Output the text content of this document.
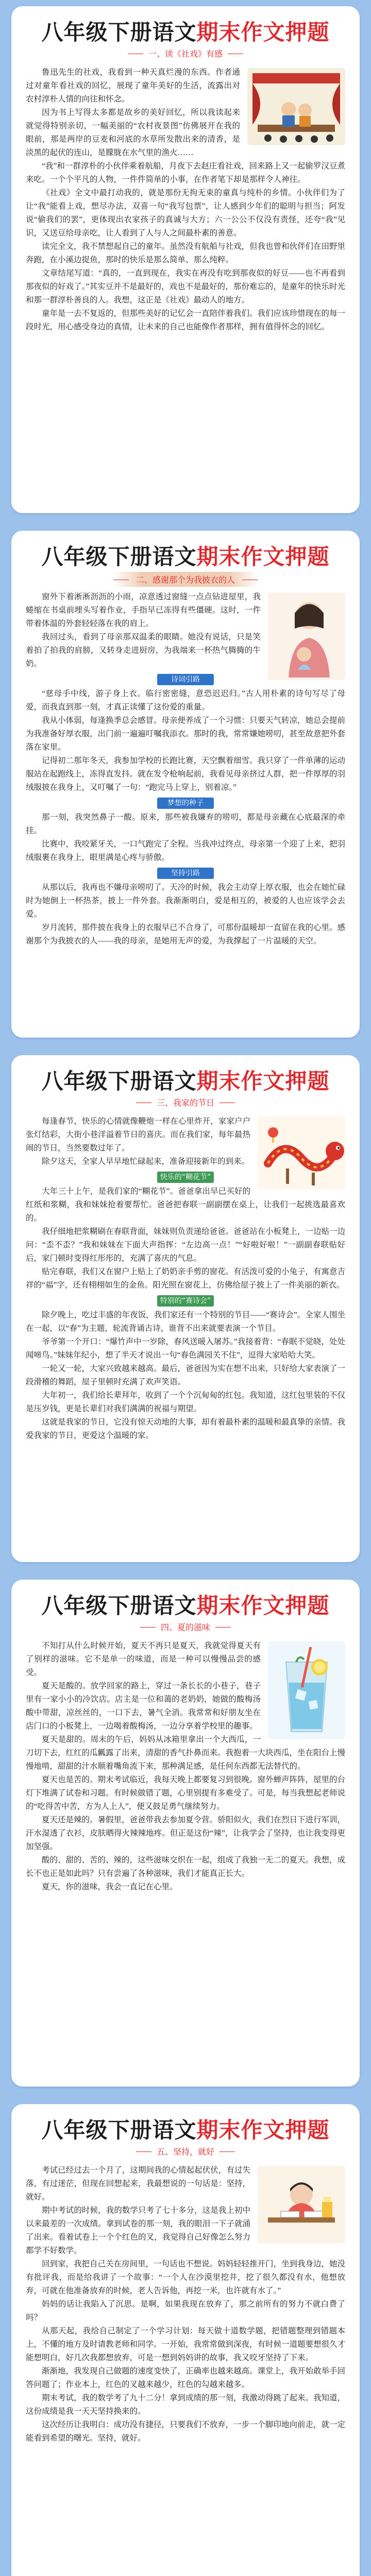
八年级下册语文期末作文押题
一、读《社戏》有感

鲁迅先生的社戏，我看到一种天真烂漫的东西。作者通过对童年看社戏的回忆，展现了童年美好的生活，流露出对农村淳朴人情的向往和怀念。

因为书上写得太多都是故乡的美好回忆，所以我读起来就觉得特别亲切，一幅美丽的“农村夜景图”仿佛展开在我的眼前，那是两岸的豆麦和河底的水草所发散出来的清香，是淡黑的起伏的连山，是朦胧在水气里的渔火……

“我”和一群淳朴的小伙伴乘着航船，月夜下去赵庄看社戏，回来路上又一起偷罗汉豆煮来吃。一个个平凡的人物，一件件简单的小事，在作者笔下却是那样令人神往。

《社戏》全文中最打动我的，就是那份无拘无束的童真与纯朴的乡情。小伙伴们为了让“我”能看上戏，想尽办法，双喜一句“我写包票”，让人感到少年们的聪明与担当；阿发说“偷我们的罢”，更体现出农家孩子的真诚与大方；六一公公不仅没有责怪，还夸“我”见识，又送豆给母亲吃，让人看到了人与人之间最朴素的善意。

读完全文，我不禁想起自己的童年。虽然没有航船与社戏，但我也曾和伙伴们在田野里奔跑，在小溪边捉鱼，那时的快乐是那么简单、那么纯粹。

文章结尾写道：“真的，一直到现在，我实在再没有吃到那夜似的好豆——也不再看到那夜似的好戏了。”其实豆并不是最好的，戏也不是最好的，那份难忘的，是童年的快乐时光和那一群淳朴善良的人。我想，这正是《社戏》最动人的地方。

童年是一去不复返的，但那些美好的记忆会一直陪伴着我们。我们应该珍惜现在的每一段时光，用心感受身边的真情，让未来的自己也能像作者那样，拥有值得怀念的回忆。

八年级下册语文期末作文押题
二、感谢那个为我披衣的人

窗外下着淅淅沥沥的小雨，凉意透过窗缝一点点钻进屋里，我蜷缩在书桌前埋头写着作业，手指早已冻得有些僵硬。这时，一件带着体温的外套轻轻落在我的肩上。

我回过头，看到了母亲那双温柔的眼睛。她没有说话，只是笑着拍了拍我的肩膀，又转身走进厨房，为我端来一杯热气腾腾的牛奶。

诗词引路

“慈母手中线，游子身上衣。临行密密缝，意恐迟迟归。”古人用朴素的诗句写尽了母爱，而我直到那一刻，才真正读懂了这份爱的重量。

我从小体弱，每逢换季总会感冒。母亲便养成了一个习惯：只要天气转凉，她总会提前为我准备好厚衣服，出门前一遍遍叮嘱我添衣。那时的我，常常嫌她唠叨，甚至故意把外套落在家里。

记得初二那年冬天，我参加学校的长跑比赛，天空飘着细雪。我只穿了一件单薄的运动服站在起跑线上，冻得直发抖。就在发令枪响起前，我看见母亲挤过人群，把一件厚厚的羽绒服披在我身上，又叮嘱了一句：“跑完马上穿上，别着凉。”

梦想的种子

那一刻，我突然鼻子一酸。原来，那些被我嫌弃的唠叨，都是母亲藏在心底最深的牵挂。

比赛中，我咬紧牙关，一口气跑完了全程。当我冲过终点，母亲第一个迎了上来，把羽绒服裹在我身上，眼里满是心疼与骄傲。

坚持引路

从那以后，我再也不嫌母亲唠叨了。天冷的时候，我会主动穿上厚衣服，也会在她忙碌时为她倒上一杯热茶，披上一件外套。我渐渐明白，爱是相互的，被爱的人也应该学会去爱。

岁月流转，那件披在我身上的衣服早已不合身了，可那份温暖却一直留在我的心里。感谢那个为我披衣的人——我的母亲，是她用无声的爱，为我撑起了一片温暖的天空。

八年级下册语文期末作文押题
三、我家的节日

每逢春节，快乐的心情就像鞭炮一样在心里炸开，家家户户张灯结彩，大街小巷洋溢着节日的喜庆。而在我们家，每年最热闹的节日，当然要数过年了。

除夕这天，全家人早早地忙碌起来，准备迎接新年的到来。

快乐的“糊花节”

大年三十上午，是我们家的“糊花节”。爸爸拿出早已买好的红纸和浆糊，我和妹妹抢着要帮忙。爸爸把春联一副副摆在桌上，让我们一起挑选最喜欢的。

我仔细地把浆糊刷在春联背面，妹妹则负责递给爸爸。爸爸站在小板凳上，一边贴一边问：“歪不歪？”我和妹妹在下面大声指挥：“左边高一点！”“好啦好啦！”一副副春联贴好后，家门顿时变得红彤彤的，充满了喜庆的气息。

贴完春联，我们又在窗户上贴上了奶奶亲手剪的窗花。有活泼可爱的小兔子，有寓意吉祥的“福”字，还有栩栩如生的金鱼。阳光照在窗花上，仿佛给屋子披上了一件美丽的新衣。

特别的“赛诗会”

除夕晚上，吃过丰盛的年夜饭，我们家还有一个特别的节目——“赛诗会”。全家人围坐在一起，以“春”为主题，轮流背诵古诗，谁背不出来就要表演一个节目。

爷爷第一个开口：“爆竹声中一岁除，春风送暖入屠苏。”我接着背：“春眠不觉晓，处处闻啼鸟。”妹妹年纪小，想了半天才说出一句“春色满园关不住”，逗得大家哈哈大笑。

一轮又一轮，大家兴致越来越高。最后，爸爸因为实在想不出来，只好给大家表演了一段滑稽的舞蹈，屋子里顿时充满了欢声笑语。

大年初一，我们给长辈拜年，收到了一个个沉甸甸的红包。我知道，这红包里装的不仅是压岁钱，更是长辈们对我们满满的祝福与期望。

这就是我家的节日，它没有惊天动地的大事，却有着最朴素的温暖和最真挚的亲情。我爱我家的节日，更爱这个温暖的家。

八年级下册语文期末作文押题
四、夏的滋味

不知打从什么时候开始，夏天不再只是夏天，我就觉得夏天有了别样的滋味。它不是单一的味道，而是一种可以慢慢品尝的感受。

夏天是酸的。放学回家的路上，穿过一条长长的小巷子，巷子里有一家小小的冷饮店。店主是一位和蔼的老奶奶，她做的酸梅汤酸中带甜，凉丝丝的，一口下去，暑气全消。我常常和好朋友坐在店门口的小板凳上，一边喝着酸梅汤，一边分享着学校里的趣事。

夏天是甜的。周末的午后，妈妈从冰箱里拿出一个大西瓜，一刀切下去，红红的瓜瓤露了出来，清甜的香气扑鼻而来。我抱着一大块西瓜，坐在阳台上慢慢地啃，甜甜的汁水顺着嘴角流下来，那种满足感，是任何东西都无法替代的。

夏天也是苦的。期末考试临近，我每天晚上都要复习到很晚。窗外蝉声阵阵，屋里的台灯下堆满了试卷和习题。有时候做错了题，心里别提有多难受了。可是，每当我想起老师说的“吃得苦中苦，方为人上人”，便又鼓足勇气继续努力。

夏天还是辣的。暑假里，爸爸带我去参加夏令营。骄阳似火，我们在烈日下进行军训，汗水湿透了衣衫，皮肤晒得火辣辣地疼。但正是这份“辣”，让我学会了坚持，也让我变得更加坚强。

酸的、甜的、苦的、辣的，这些滋味交织在一起，组成了我独一无二的夏天。我想，成长不也正是如此吗？只有尝遍了各种滋味，我们才能真正长大。

夏天，你的滋味，我会一直记在心里。

八年级下册语文期末作文押题
五、坚持，就好

考试已经过去一个月了，这期间我的心情起起伏伏，有过失落，有过迷茫，但现在回想起来，我最想说的一句话是：坚持，就好。

期中考试的时候，我的数学只考了七十多分，这是我上初中以来最差的一次成绩。拿到试卷的那一刻，我的眼泪一下子就涌了出来。看着试卷上一个个红色的叉，我觉得自己好像怎么努力都学不好数学。

回到家，我把自己关在房间里，一句话也不想说。妈妈轻轻推开门，坐到我身边，她没有批评我，而是给我讲了一个故事：“一个人在沙漠里挖井，挖了很久都没有水，他想放弃，可就在他准备放弃的时候，老人告诉他，再挖一米，也许就有水了。”

妈妈的话让我陷入了沉思。是啊，如果我现在放弃了，那之前所有的努力不就白费了吗？

从那天起，我给自己制定了一个学习计划：每天做十道数学题，把错题整理到错题本上，不懂的地方及时请教老师和同学。一开始，我常常做到深夜，有时候一道题要想很久才能想明白，好几次我都想放弃，可是一想到妈妈讲的故事，我又咬牙坚持了下来。

渐渐地，我发现自己做题的速度变快了，正确率也越来越高。课堂上，我开始敢举手回答问题了；作业本上，红色的叉越来越少，红色的勾越来越多。

期末考试，我的数学考了九十二分！拿到成绩的那一刻，我激动得跳了起来。我知道，这份成绩是我一天天坚持换来的。

这次经历让我明白：成功没有捷径，只要我们不放弃，一步一个脚印地向前走，就一定能看到希望的曙光。坚持，就好。
